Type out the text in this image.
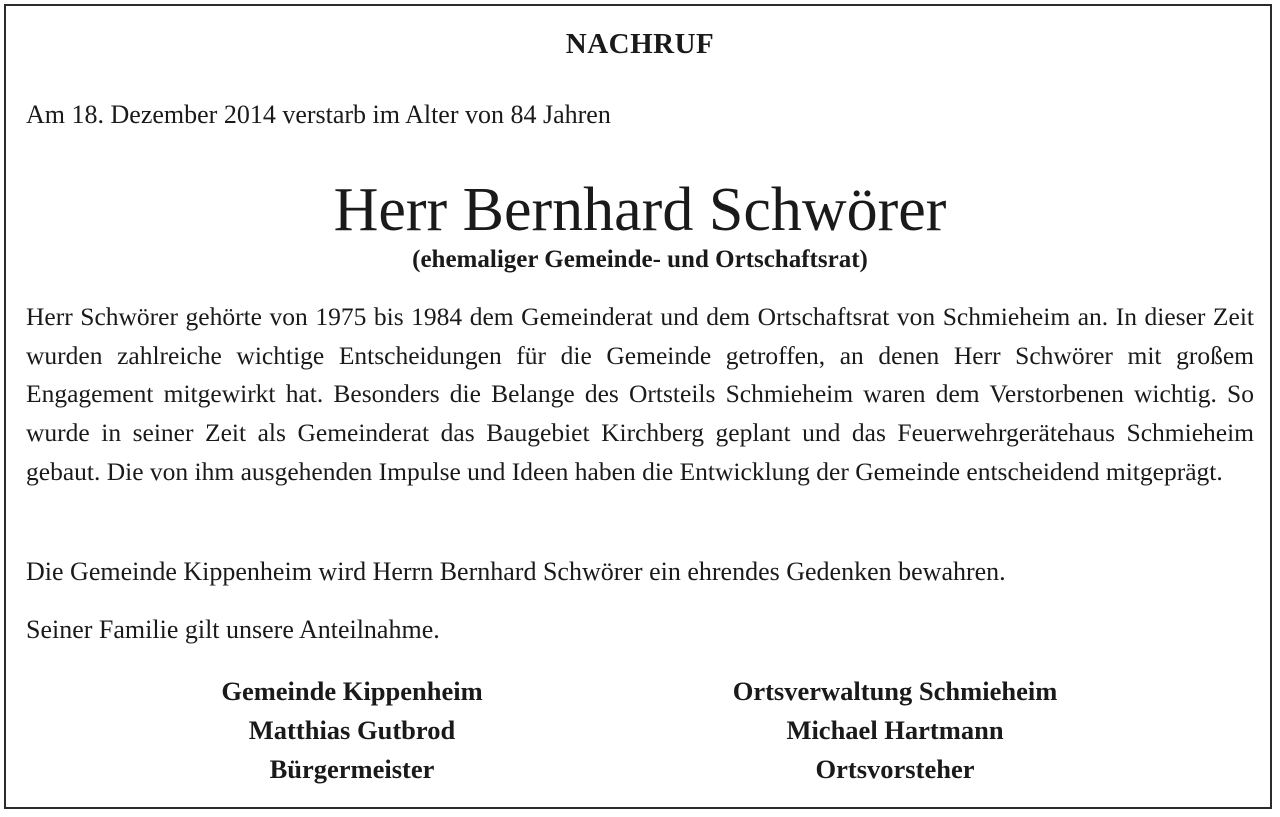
NACHRUF
Am 18. Dezember 2014 verstarb im Alter von 84 Jahren
Herr Bernhard Schwörer
(ehemaliger Gemeinde- und Ortschaftsrat)
Herr Schwörer gehörte von 1975 bis 1984 dem Gemeinderat und dem Ortschaftsrat von Schmieheim an. In dieser Zeit wurden zahlreiche wichtige Entscheidungen für die Gemeinde getroffen, an denen Herr Schwörer mit großem Engagement mitgewirkt hat. Besonders die Belange des Ortsteils Schmieheim waren dem Verstorbenen wichtig. So wurde in seiner Zeit als Gemeinderat das Baugebiet Kirchberg geplant und das Feuerwehrgerätehaus Schmieheim gebaut. Die von ihm ausgehenden Impulse und Ideen haben die Entwicklung der Gemeinde entscheidend mitgeprägt.
Die Gemeinde Kippenheim wird Herrn Bernhard Schwörer ein ehrendes Gedenken bewahren.
Seiner Familie gilt unsere Anteilnahme.
Gemeinde Kippenheim
Matthias Gutbrod
Bürgermeister
Ortsverwaltung Schmieheim
Michael Hartmann
Ortsvorsteher
